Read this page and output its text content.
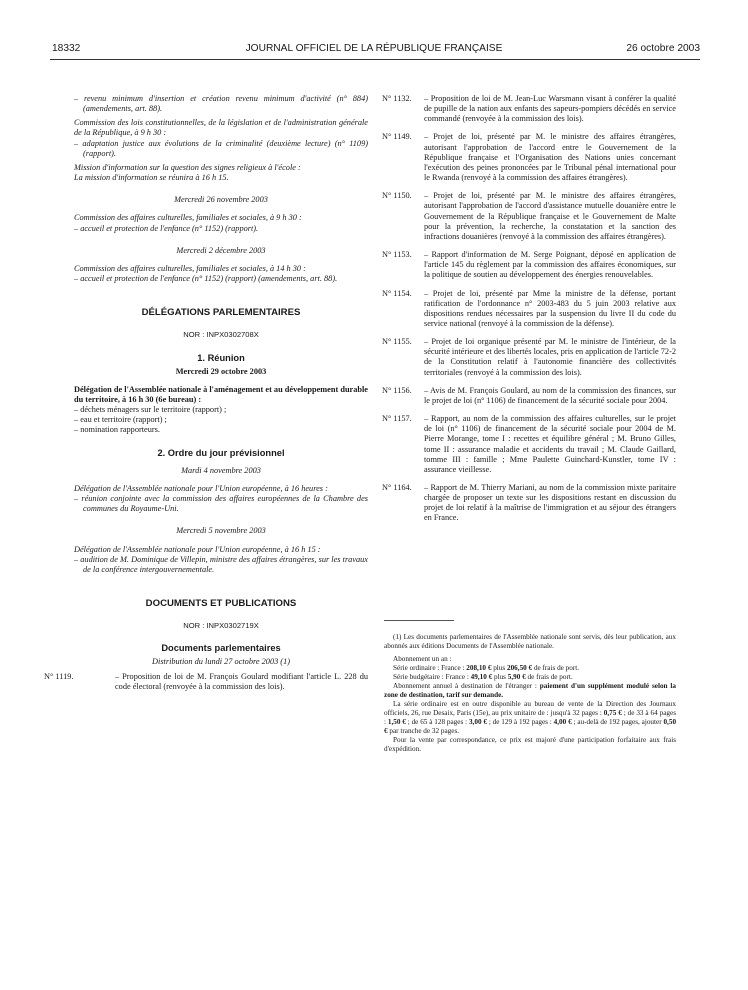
18332	JOURNAL OFFICIEL DE LA RÉPUBLIQUE FRANÇAISE	26 octobre 2003

– revenu minimum d'insertion et création revenu minimum d'activité (n° 884) (amendements, art. 88).

Commission des lois constitutionnelles, de la législation et de l'administration générale de la République, à 9 h 30 :

– adaptation justice aux évolutions de la criminalité (deuxième lecture) (n° 1109) (rapport).

Mission d'information sur la question des signes religieux à l'école :

La mission d'information se réunira à 16 h 15.

Mercredi 26 novembre 2003

Commission des affaires culturelles, familiales et sociales, à 9 h 30 :

– accueil et protection de l'enfance (n° 1152) (rapport).

Mercredi 2 décembre 2003

Commission des affaires culturelles, familiales et sociales, à 14 h 30 :

– accueil et protection de l'enfance (n° 1152) (rapport) (amendements, art. 88).

DÉLÉGATIONS PARLEMENTAIRES

NOR : INPX0302708X

1. Réunion

Mercredi 29 octobre 2003

Délégation de l'Assemblée nationale à l'aménagement et au développement durable du territoire, à 16 h 30 (6e bureau) :

– déchets ménagers sur le territoire (rapport) ;

– eau et territoire (rapport) ;

– nomination rapporteurs.

2. Ordre du jour prévisionnel

Mardi 4 novembre 2003

Délégation de l'Assemblée nationale pour l'Union européenne, à 16 heures :

– réunion conjointe avec la commission des affaires européennes de la Chambre des communes du Royaume-Uni.

Mercredi 5 novembre 2003

Délégation de l'Assemblée nationale pour l'Union européenne, à 16 h 15 :

– audition de M. Dominique de Villepin, ministre des affaires étrangères, sur les travaux de la conférence intergouvernementale.

DOCUMENTS ET PUBLICATIONS

NOR : INPX0302719X

Documents parlementaires

Distribution du lundi 27 octobre 2003 (1)

N° 1119.	– Proposition de loi de M. François Goulard modifiant l'article L. 228 du code électoral (renvoyée à la commission des lois).
N° 1132. – Proposition de loi de M. Jean-Luc Warsmann visant à conférer la qualité de pupille de la nation aux enfants des sapeurs-pompiers décédés en service commandé (renvoyée à la commission des lois).
N° 1149. – Projet de loi, présenté par M. le ministre des affaires étrangères, autorisant l'approbation de l'accord entre le Gouvernement de la République française et l'Organisation des Nations unies concernant l'exécution des peines prononcées par le Tribunal pénal international pour le Rwanda (renvoyé à la commission des affaires étrangères).
N° 1150. – Projet de loi, présenté par M. le ministre des affaires étrangères, autorisant l'approbation de l'accord d'assistance mutuelle douanière entre le Gouvernement de la République française et le Gouvernement de Malte pour la prévention, la recherche, la constatation et la sanction des infractions douanières (renvoyé à la commission des affaires étrangères).
N° 1153. – Rapport d'information de M. Serge Poignant, déposé en application de l'article 145 du règlement par la commission des affaires économiques, sur la politique de soutien au développement des énergies renouvelables.
N° 1154. – Projet de loi, présenté par Mme la ministre de la défense, portant ratification de l'ordonnance n° 2003-483 du 5 juin 2003 relative aux dispositions rendues nécessaires par la suspension du livre II du code du service national (renvoyé à la commission de la défense).
N° 1155. – Projet de loi organique présenté par M. le ministre de l'intérieur, de la sécurité intérieure et des libertés locales, pris en application de l'article 72-2 de la Constitution relatif à l'autonomie financière des collectivités territoriales (renvoyé à la commission des lois).
N° 1156. – Avis de M. François Goulard, au nom de la commission des finances, sur le projet de loi (n° 1106) de financement de la sécurité sociale pour 2004.
N° 1157. – Rapport, au nom de la commission des affaires culturelles, sur le projet de loi (n° 1106) de financement de la sécurité sociale pour 2004 de M. Pierre Morange, tome I : recettes et équilibre général ; M. Bruno Gilles, tome II : assurance maladie et accidents du travail ; M. Claude Gaillard, tomme III : famille ; Mme Paulette Guinchard-Kunstler, tome IV : assurance vieillesse.
N° 1164. – Rapport de M. Thierry Mariani, au nom de la commission mixte paritaire chargée de proposer un texte sur les dispositions restant en discussion du projet de loi relatif à la maîtrise de l'immigration et au séjour des étrangers en France.

(1) Les documents parlementaires de l'Assemblée nationale sont servis, dès leur publication, aux abonnés aux éditions Documents de l'Assemblée nationale.

Abonnement un an :

Série ordinaire : France : 208,10 € plus 206,50 € de frais de port.

Série budgétaire : France : 49,10 € plus 5,90 € de frais de port.

Abonnement annuel à destination de l'étranger : paiement d'un supplément modulé selon la zone de destination, tarif sur demande.

La série ordinaire est en outre disponible au bureau de vente de la Direction des Journaux officiels, 26, rue Desaix, Paris (15e), au prix unitaire de : jusqu'à 32 pages : 0,75 € ; de 33 à 64 pages : 1,50 € ; de 65 à 128 pages : 3,00 € ; de 129 à 192 pages : 4,00 € ; au-delà de 192 pages, ajouter 0,50 € par tranche de 32 pages.

Pour la vente par correspondance, ce prix est majoré d'une participation forfaitaire aux frais d'expédition.
